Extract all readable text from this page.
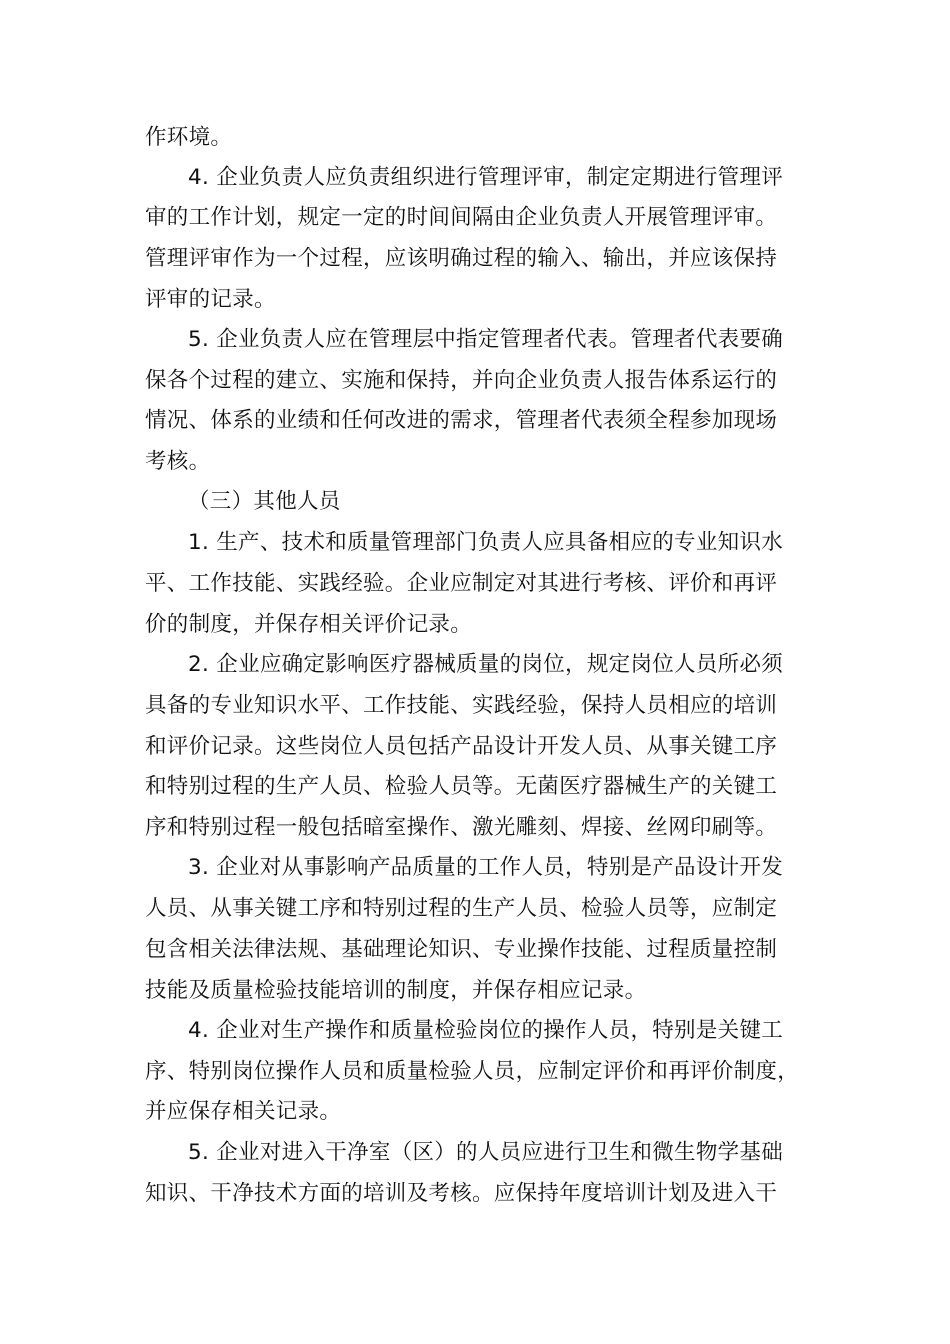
作环境。
4. 企业负责人应负责组织进行管理评审，制定定期进行管理评
审的工作计划，规定一定的时间间隔由企业负责人开展管理评审。
管理评审作为一个过程，应该明确过程的输入、输出，并应该保持
评审的记录。
5. 企业负责人应在管理层中指定管理者代表。管理者代表要确
保各个过程的建立、实施和保持，并向企业负责人报告体系运行的
情况、体系的业绩和任何改进的需求，管理者代表须全程参加现场
考核。
（三）其他人员
1. 生产、技术和质量管理部门负责人应具备相应的专业知识水
平、工作技能、实践经验。企业应制定对其进行考核、评价和再评
价的制度，并保存相关评价记录。
2. 企业应确定影响医疗器械质量的岗位，规定岗位人员所必须
具备的专业知识水平、工作技能、实践经验，保持人员相应的培训
和评价记录。这些岗位人员包括产品设计开发人员、从事关键工序
和特别过程的生产人员、检验人员等。无菌医疗器械生产的关键工
序和特别过程一般包括暗室操作、激光雕刻、焊接、丝网印刷等。
3. 企业对从事影响产品质量的工作人员，特别是产品设计开发
人员、从事关键工序和特别过程的生产人员、检验人员等，应制定
包含相关法律法规、基础理论知识、专业操作技能、过程质量控制
技能及质量检验技能培训的制度，并保存相应记录。
4. 企业对生产操作和质量检验岗位的操作人员，特别是关键工
序、特别岗位操作人员和质量检验人员，应制定评价和再评价制度，
并应保存相关记录。
5. 企业对进入干净室（区）的人员应进行卫生和微生物学基础
知识、干净技术方面的培训及考核。应保持年度培训计划及进入干
